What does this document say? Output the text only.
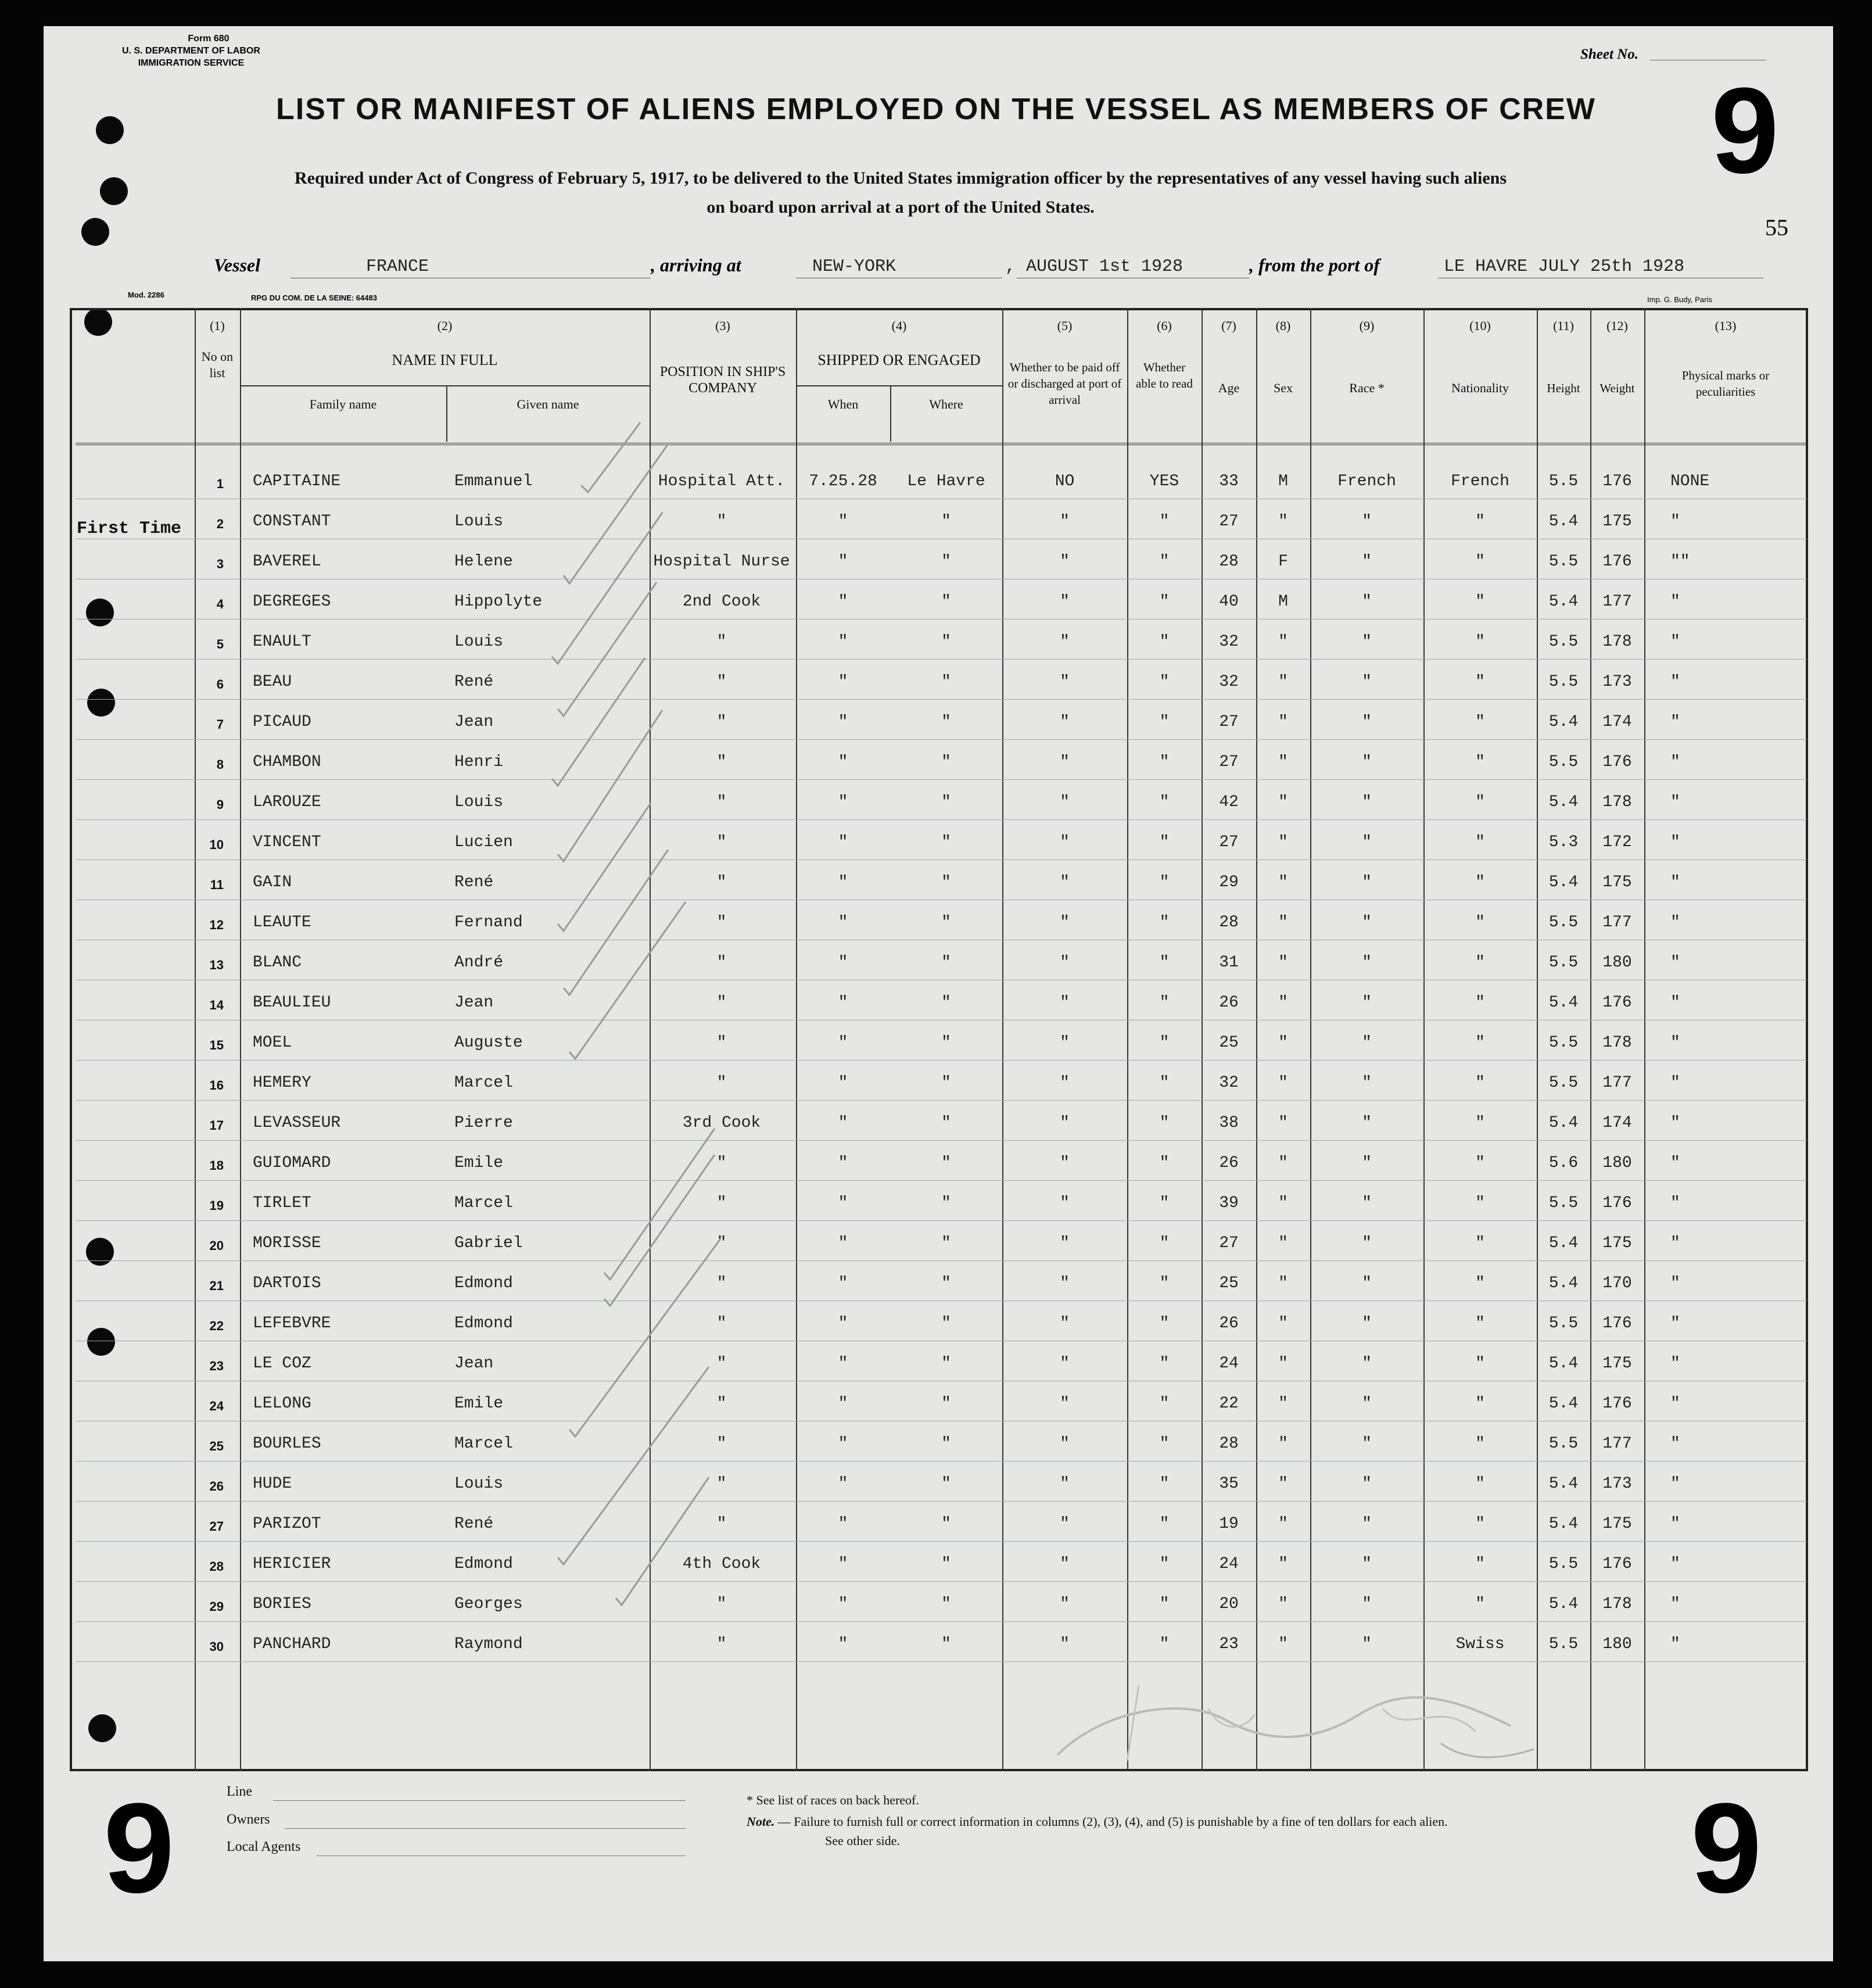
Form 680
U. S. DEPARTMENT OF LABOR
IMMIGRATION SERVICE
Sheet No.
9
LIST OR MANIFEST OF ALIENS EMPLOYED ON THE VESSEL AS MEMBERS OF CREW
Required under Act of Congress of February 5, 1917, to be delivered to the United States immigration officer by the representatives of any vessel having such aliens
on board upon arrival at a port of the United States.
55
Vessel	FRANCE	, arriving at	NEW-YORK	, AUGUST 1st 1928	, from the port of	LE HAVRE JULY 25th 1928
Mod. 2286	RPG DU COM. DE LA SEINE: 64483	Imp. G. Budy, Paris
(1)
No on list
(2)
NAME IN FULL
Family name	Given name
(3)
POSITION IN SHIP'S COMPANY
(4)
SHIPPED OR ENGAGED
When	Where
(5)
Whether to be paid off or discharged at port of arrival
(6)
Whether able to read
(7)
Age
(8)
Sex
(9)
Race *
(10)
Nationality
(11)
Height
(12)
Weight
(13)
Physical marks or peculiarities
First Time
1 CAPITAINE	Emmanuel	Hospital Att.	7.25.28	Le Havre	NO	YES	33	M	French	French	5.5	176	NONE
2 CONSTANT	Louis	"	"	"	"	"	27	"	"	"	5.4	175	"
3 BAVEREL	Helene	Hospital Nurse	"	"	"	"	28	F	"	"	5.5	176	""
4 DEGREGES	Hippolyte	2nd Cook	"	"	"	"	40	M	"	"	5.4	177	"
5 ENAULT	Louis	"	"	"	"	"	32	"	"	"	5.5	178	"
6 BEAU	René	"	"	"	"	"	32	"	"	"	5.5	173	"
7 PICAUD	Jean	"	"	"	"	"	27	"	"	"	5.4	174	"
8 CHAMBON	Henri	"	"	"	"	"	27	"	"	"	5.5	176	"
9 LAROUZE	Louis	"	"	"	"	"	42	"	"	"	5.4	178	"
10 VINCENT	Lucien	"	"	"	"	"	27	"	"	"	5.3	172	"
11 GAIN	René	"	"	"	"	"	29	"	"	"	5.4	175	"
12 LEAUTE	Fernand	"	"	"	"	"	28	"	"	"	5.5	177	"
13 BLANC	André	"	"	"	"	"	31	"	"	"	5.5	180	"
14 BEAULIEU	Jean	"	"	"	"	"	26	"	"	"	5.4	176	"
15 MOEL	Auguste	"	"	"	"	"	25	"	"	"	5.5	178	"
16 HEMERY	Marcel	"	"	"	"	"	32	"	"	"	5.5	177	"
17 LEVASSEUR	Pierre	3rd Cook	"	"	"	"	38	"	"	"	5.4	174	"
18 GUIOMARD	Emile	"	"	"	"	"	26	"	"	"	5.6	180	"
19 TIRLET	Marcel	"	"	"	"	"	39	"	"	"	5.5	176	"
20 MORISSE	Gabriel	"	"	"	"	"	27	"	"	"	5.4	175	"
21 DARTOIS	Edmond	"	"	"	"	"	25	"	"	"	5.4	170	"
22 LEFEBVRE	Edmond	"	"	"	"	"	26	"	"	"	5.5	176	"
23 LE COZ	Jean	"	"	"	"	"	24	"	"	"	5.4	175	"
24 LELONG	Emile	"	"	"	"	"	22	"	"	"	5.4	176	"
25 BOURLES	Marcel	"	"	"	"	"	28	"	"	"	5.5	177	"
26 HUDE	Louis	"	"	"	"	"	35	"	"	"	5.4	173	"
27 PARIZOT	René	"	"	"	"	"	19	"	"	"	5.4	175	"
28 HERICIER	Edmond	4th Cook	"	"	"	"	24	"	"	"	5.5	176	"
29 BORIES	Georges	"	"	"	"	"	20	"	"	"	5.4	178	"
30 PANCHARD	Raymond	"	"	"	"	"	23	"	"	Swiss	5.5	180	"
9	9
Line
Owners
Local Agents
* See list of races on back hereof.
Note. — Failure to furnish full or correct information in columns (2), (3), (4), and (5) is punishable by a fine of ten dollars for each alien.
See other side.
